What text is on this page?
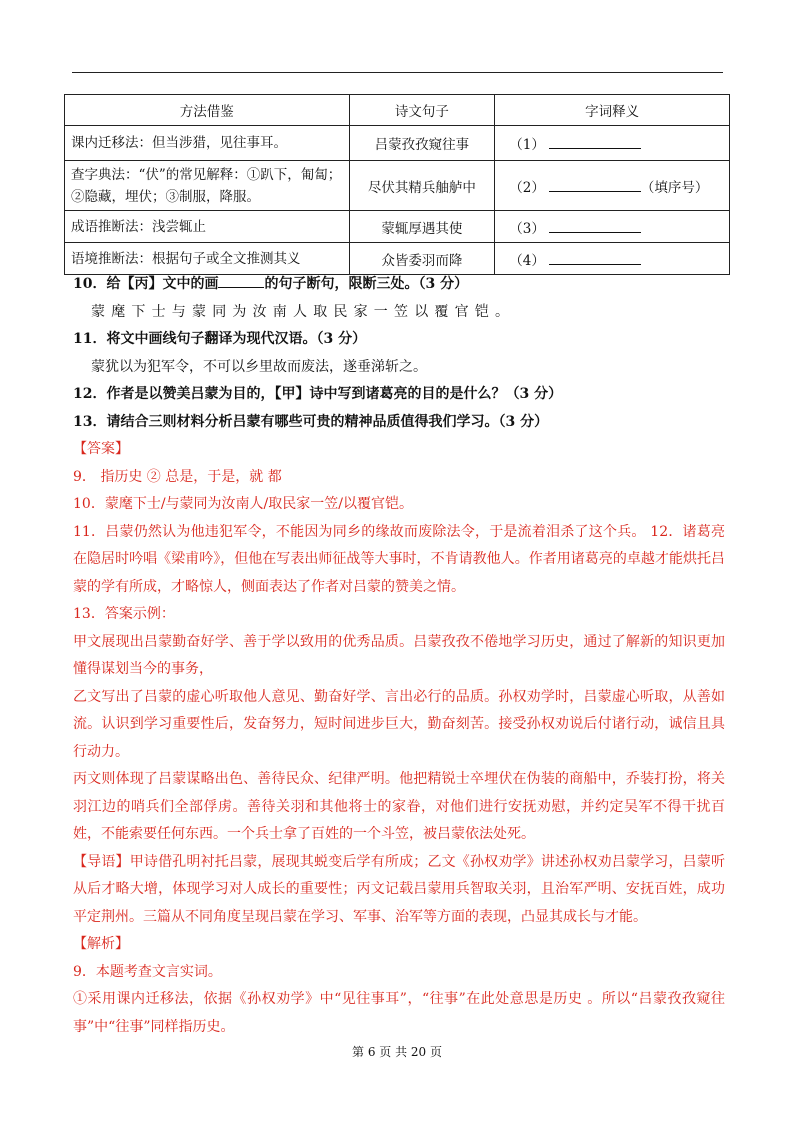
方法借鉴	诗文句子	字词释义
课内迁移法：但当涉猎，见往事耳。	吕蒙孜孜窥往事	（1）
查字典法：“伏”的常见解释：①趴下，匍匐；②隐藏，埋伏；③制服，降服。	尽伏其精兵舳舻中	（2） （填序号）
成语推断法：浅尝辄止	蒙辄厚遇其使	（3）
语境推断法：根据句子或全文推测其义	众皆委羽而降	（4）
10．给【丙】文中的画	的句子断句，限断三处。（3 分）
蒙麾下士与蒙同为汝南人取民家一笠以覆官铠。
11．将文中画线句子翻译为现代汉语。（3 分）
蒙犹以为犯军令，不可以乡里故而废法，遂垂涕斩之。
12．作者是以赞美吕蒙为目的，【甲】诗中写到诸葛亮的目的是什么？（3 分）
13．请结合三则材料分析吕蒙有哪些可贵的精神品质值得我们学习。（3 分）
【答案】
9． 指历史 ② 总是，于是，就 都
10．蒙麾下士/与蒙同为汝南人/取民家一笠/以覆官铠。
11．吕蒙仍然认为他违犯军令，不能因为同乡的缘故而废除法令，于是流着泪杀了这个兵。 12．诸葛亮在隐居时吟唱《梁甫吟》，但他在写表出师征战等大事时，不肯请教他人。作者用诸葛亮的卓越才能烘托吕蒙的学有所成，才略惊人，侧面表达了作者对吕蒙的赞美之情。
13．答案示例：
甲文展现出吕蒙勤奋好学、善于学以致用的优秀品质。吕蒙孜孜不倦地学习历史，通过了解新的知识更加懂得谋划当今的事务，
乙文写出了吕蒙的虚心听取他人意见、勤奋好学、言出必行的品质。孙权劝学时，吕蒙虚心听取，从善如流。认识到学习重要性后，发奋努力，短时间进步巨大，勤奋刻苦。接受孙权劝说后付诸行动，诚信且具行动力。
丙文则体现了吕蒙谋略出色、善待民众、纪律严明。他把精锐士卒埋伏在伪装的商船中，乔装打扮，将关羽江边的哨兵们全部俘虏。善待关羽和其他将士的家眷，对他们进行安抚劝慰，并约定吴军不得干扰百姓，不能索要任何东西。一个兵士拿了百姓的一个斗笠，被吕蒙依法处死。
【导语】甲诗借孔明衬托吕蒙，展现其蜕变后学有所成；乙文《孙权劝学》讲述孙权劝吕蒙学习，吕蒙听从后才略大增，体现学习对人成长的重要性；丙文记载吕蒙用兵智取关羽，且治军严明、安抚百姓，成功平定荆州。三篇从不同角度呈现吕蒙在学习、军事、治军等方面的表现，凸显其成长与才能。
【解析】
9．本题考查文言实词。
①采用课内迁移法，依据《孙权劝学》中“见往事耳”，“往事”在此处意思是历史 。所以“吕蒙孜孜窥往事”中“往事”同样指历史。
第 6 页 共 20 页
